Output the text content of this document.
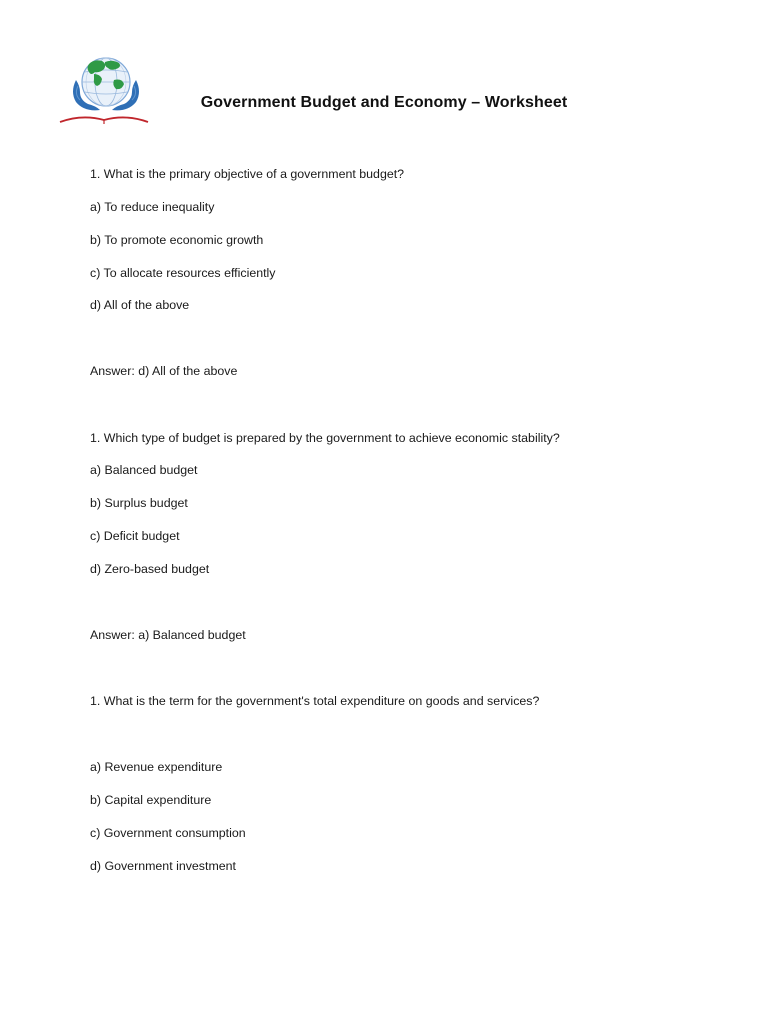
Government Budget and Economy – Worksheet
1. What is the primary objective of a government budget?
a) To reduce inequality
b) To promote economic growth
c) To allocate resources efficiently
d) All of the above
Answer: d) All of the above
1. Which type of budget is prepared by the government to achieve economic stability?
a) Balanced budget
b) Surplus budget
c) Deficit budget
d) Zero-based budget
Answer: a) Balanced budget
1. What is the term for the government's total expenditure on goods and services?
a) Revenue expenditure
b) Capital expenditure
c) Government consumption
d) Government investment
